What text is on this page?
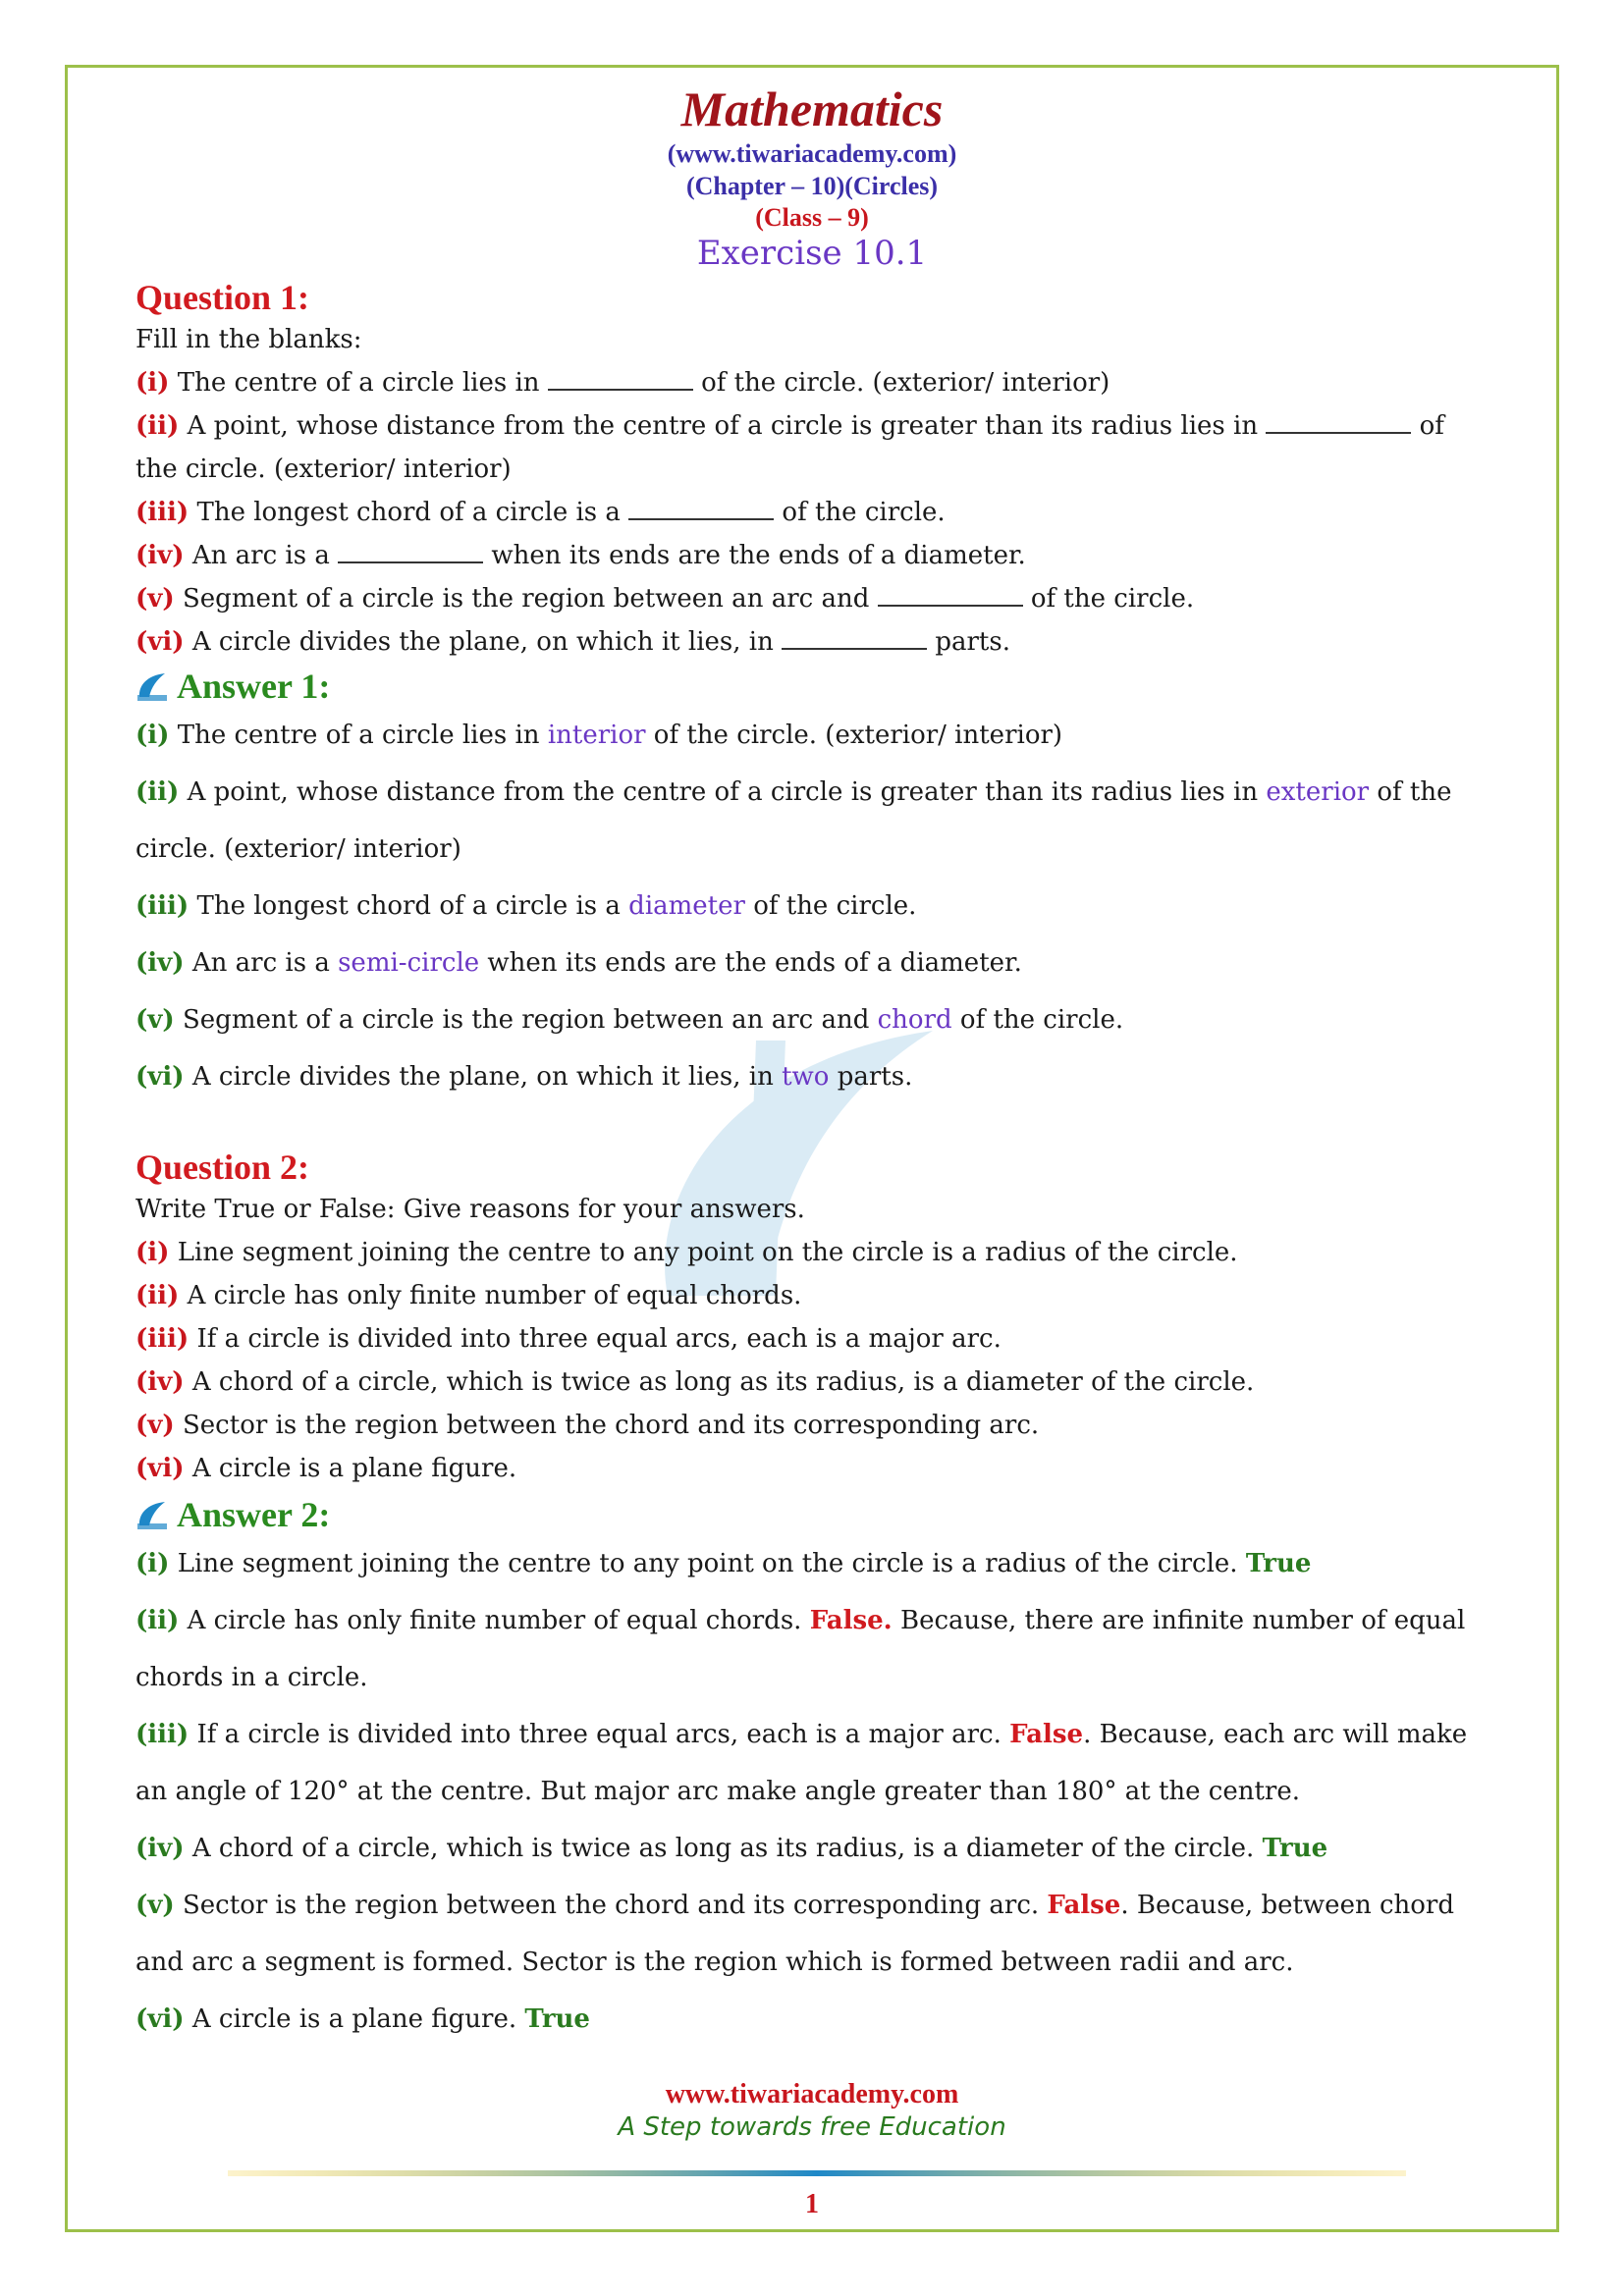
Mathematics
(www.tiwariacademy.com)
(Chapter – 10)(Circles)
(Class – 9)
Exercise 10.1
Question 1:
Fill in the blanks:
(i) The centre of a circle lies in	of the circle. (exterior/ interior)
(ii) A point, whose distance from the centre of a circle is greater than its radius lies in	of the circle. (exterior/ interior)
(iii) The longest chord of a circle is a	of the circle.
(iv) An arc is a	when its ends are the ends of a diameter.
(v) Segment of a circle is the region between an arc and	of the circle.
(vi) A circle divides the plane, on which it lies, in	parts.
Answer 1:
(i) The centre of a circle lies in interior of the circle. (exterior/ interior)
(ii) A point, whose distance from the centre of a circle is greater than its radius lies in exterior of the circle. (exterior/ interior)
(iii) The longest chord of a circle is a diameter of the circle.
(iv) An arc is a semi-circle when its ends are the ends of a diameter.
(v) Segment of a circle is the region between an arc and chord of the circle.
(vi) A circle divides the plane, on which it lies, in two parts.
Question 2:
Write True or False: Give reasons for your answers.
(i) Line segment joining the centre to any point on the circle is a radius of the circle.
(ii) A circle has only finite number of equal chords.
(iii) If a circle is divided into three equal arcs, each is a major arc.
(iv) A chord of a circle, which is twice as long as its radius, is a diameter of the circle.
(v) Sector is the region between the chord and its corresponding arc.
(vi) A circle is a plane figure.
Answer 2:
(i) Line segment joining the centre to any point on the circle is a radius of the circle. True
(ii) A circle has only finite number of equal chords. False. Because, there are infinite number of equal chords in a circle.
(iii) If a circle is divided into three equal arcs, each is a major arc. False. Because, each arc will make an angle of 120° at the centre. But major arc make angle greater than 180° at the centre.
(iv) A chord of a circle, which is twice as long as its radius, is a diameter of the circle. True
(v) Sector is the region between the chord and its corresponding arc. False. Because, between chord and arc a segment is formed. Sector is the region which is formed between radii and arc.
(vi) A circle is a plane figure. True
www.tiwariacademy.com
A Step towards free Education
1
